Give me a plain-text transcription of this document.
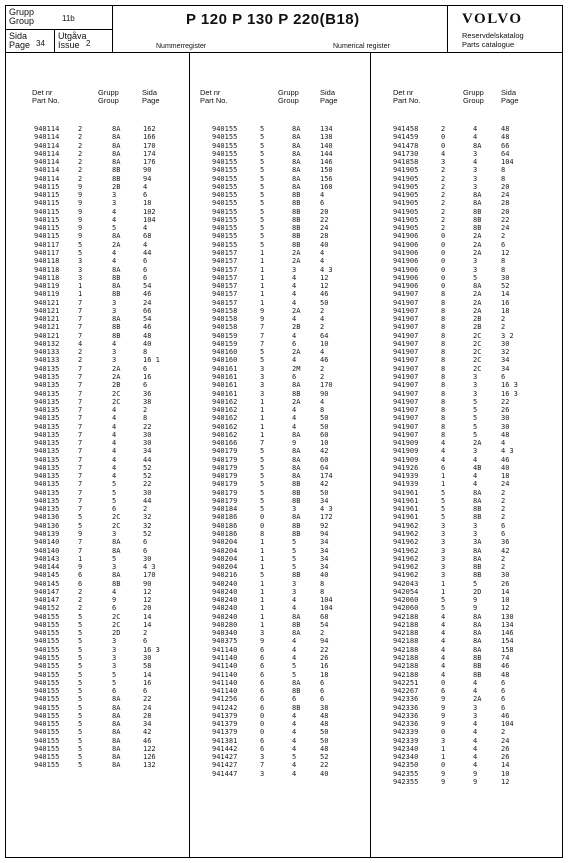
Grupp
Group	11b
Sida
Page 34
Utgåva
Issue 2
P 120 P 130 P 220(B18)
Nummerregister	Numerical register
VOLVO
Reservdelskatalog
Parts catalogue
Det nr
Part No.
Grupp
Group
Sida
Page
940114	2	8A	162
940114	2	8A	166
940114	2	8A	170
940114	2	8A	174
940114	2	8A	176
940114	2	8B	90
940114	2	8B	94
940115	9	2B	4
940115	9	3	6
940115	9	3	18
940115	9	4	102
940115	9	4	104
940115	9	5	4
940115	9	8A	68
940117	5	2A	4
940117	5	4	44
940118	3	4	6
940118	3	8A	6
940118	3	8B	6
940119	1	8A	54
940119	1	8B	46
940121	7	3	24
940121	7	3	66
940121	7	8A	54
940121	7	8B	46
940121	7	8B	48
940132	4	4	40
940133	2	3	8
940133	2	3	16 1
940135	7	2A	6
940135	7	2A	16
940135	7	2B	6
940135	7	2C	36
940135	7	2C	38
940135	7	4	2
940135	7	4	8
940135	7	4	22
940135	7	4	30
940135	7	4	30
940135	7	4	34
940135	7	4	44
940135	7	4	52
940135	7	4	52
940135	7	5	22
940135	7	5	30
940135	7	5	44
940135	7	6	2
940136	5	2C	32
940136	5	2C	32
940139	9	3	52
940140	7	8A	6
940140	7	8A	6
940143	1	5	30
940144	9	3	4 3
940145	6	8A	170
940145	6	8B	90
940147	2	4	12
940147	2	9	12
940152	2	6	20
940155	5	2C	14
940155	5	2C	14
940155	5	2D	2
940155	5	3	6
940155	5	3	16 3
940155	5	3	30
940155	5	3	58
940155	5	5	14
940155	5	5	16
940155	5	6	6
940155	5	8A	22
940155	5	8A	24
940155	5	8A	28
940155	5	8A	34
940155	5	8A	42
940155	5	8A	46
940155	5	8A	122
940155	5	8A	126
940155	5	8A	132
Det nr
Part No.
Grupp
Group
Sida
Page
940155	5	8A	134
940155	5	8A	138
940155	5	8A	140
940155	5	8A	144
940155	5	8A	146
940155	5	8A	150
940155	5	8A	156
940155	5	8A	160
940155	5	8B	4
940155	5	8B	6
940155	5	8B	20
940155	5	8B	22
940155	5	8B	24
940155	5	8B	28
940155	5	8B	40
940157	1	2A	4
940157	1	2A	4
940157	1	3	4 3
940157	1	4	12
940157	1	4	12
940157	1	4	46
940157	1	4	50
940158	9	2A	2
940158	9	4	4
940158	7	2B	2
940159	7	4	64
940159	7	6	10
940160	5	2A	4
940160	5	4	46
940161	3	2M	2
940161	3	6	2
940161	3	8A	170
940161	3	8B	90
940162	1	2A	4
940162	1	4	8
940162	1	4	50
940162	1	4	50
940162	1	8A	60
940166	7	9	10
940179	5	8A	42
940179	5	8A	60
940179	5	8A	64
940179	5	8A	174
940179	5	8B	42
940179	5	8B	50
940179	5	8B	34
940184	5	3	4 3
940186	0	8A	172
940186	0	8B	92
940186	8	8B	94
940204	1	5	34
940204	1	5	34
940204	1	5	34
940204	1	5	34
940216	5	8B	40
940240	1	3	8
940240	1	3	8
940240	1	4	104
940240	1	4	104
940240	1	8A	68
940280	1	8B	54
940340	3	8A	2
940375	9	4	94
941140	6	4	22
941140	6	4	26
941140	6	5	16
941140	6	5	18
941140	6	8A	6
941140	6	8B	6
941256	6	6	6
941242	6	8B	38
941379	0	4	48
941379	0	4	48
941379	0	4	50
941381	6	4	50
941442	6	4	48
941427	3	5	52
941427	7	4	22
941447	3	4	40
Det nr
Part No.
Grupp
Group
Sida
Page
941458	2	4	48
941459	0	4	48
941478	0	8A	66
941730	4	3	64
941858	3	4	104
941905	2	3	8
941905	2	3	8
941905	2	3	20
941905	2	8A	24
941905	2	8A	28
941905	2	8B	20
941905	2	8B	22
941905	2	8B	24
941906	0	2A	2
941906	0	2A	6
941906	0	2A	12
941906	0	3	8
941906	0	3	8
941906	0	5	30
941906	0	8A	52
941907	8	2A	14
941907	8	2A	16
941907	8	2A	18
941907	8	2B	2
941907	8	2B	2
941907	8	2C	3 2
941907	8	2C	30
941907	8	2C	32
941907	8	2C	34
941907	8	2C	34
941907	8	3	6
941907	8	3	16 3
941907	8	3	16 3
941907	8	5	22
941907	8	5	26
941907	8	5	30
941907	8	5	30
941907	8	5	48
941909	4	2A	4
941909	4	3	4 3
941909	4	4	46
941926	6	4B	40
941939	1	4	18
941939	1	4	24
941961	5	8A	2
941961	5	8A	2
941961	5	8B	2
941961	5	8B	2
941962	3	3	6
941962	3	3	6
941962	3	3A	36
941962	3	8A	42
941962	3	8A	2
941962	3	8B	2
941962	3	8B	30
942043	1	5	26
942054	1	2D	14
942060	5	9	10
942060	5	9	12
942188	4	8A	130
942188	4	8A	134
942188	4	8A	146
942188	4	8A	154
942188	4	8A	158
942188	4	8B	74
942188	4	8B	46
942188	4	8B	48
942251	0	4	6
942267	6	4	6
942336	9	2A	6
942336	9	3	6
942336	9	3	46
942336	9	4	104
942339	0	4	2
942339	3	4	24
942340	1	4	26
942340	1	4	26
942350	0	4	14
942355	9	9	10
942355	9	9	12
